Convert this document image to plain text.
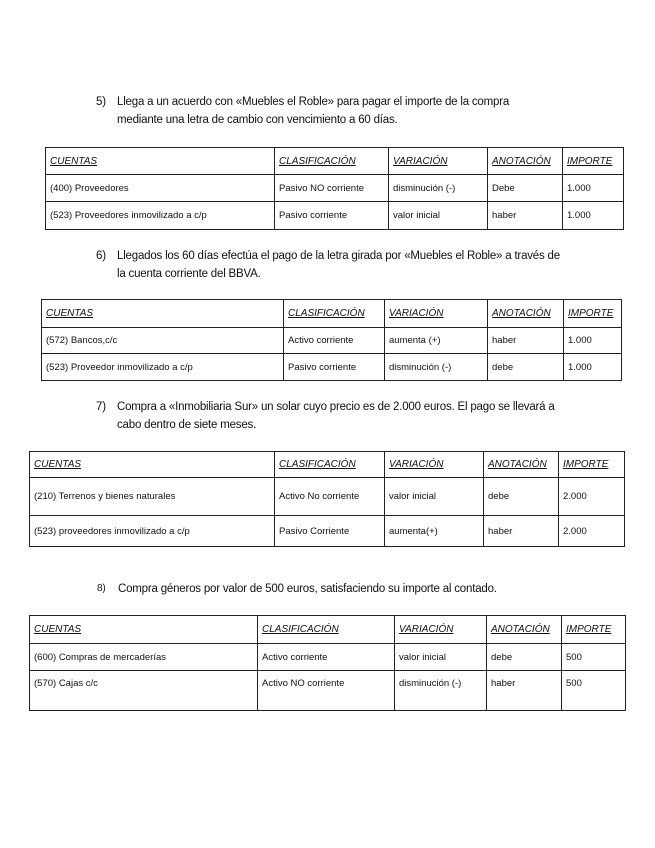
5) Llega a un acuerdo con «Muebles el Roble» para pagar el importe de la compra
mediante una letra de cambio con vencimiento a 60 días.
CUENTAS	CLASIFICACIÓN	VARIACIÓN	ANOTACIÓN	IMPORTE
(400) Proveedores	Pasivo NO corriente	disminución (-)	Debe	1.000
(523) Proveedores inmovilizado a c/p	Pasivo corriente	valor inicial	haber	1.000
6) Llegados los 60 días efectúa el pago de la letra girada por «Muebles el Roble» a través de
la cuenta corriente del BBVA.
CUENTAS	CLASIFICACIÓN	VARIACIÓN	ANOTACIÓN	IMPORTE
(572) Bancos,c/c	Activo corriente	aumenta (+)	haber	1.000
(523) Proveedor inmovilizado a c/p	Pasivo corriente	disminución (-)	debe	1.000
7) Compra a «Inmobiliaria Sur» un solar cuyo precio es de 2.000 euros. El pago se llevará a
cabo dentro de siete meses.
CUENTAS	CLASIFICACIÓN	VARIACIÓN	ANOTACIÓN	IMPORTE
(210) Terrenos y bienes naturales	Activo No corriente	valor inicial	debe	2.000
(523) proveedores inmovilizado a c/p	Pasivo Corriente	aumenta(+)	haber	2.000
8) Compra géneros por valor de 500 euros, satisfaciendo su importe al contado.
CUENTAS	CLASIFICACIÓN	VARIACIÓN	ANOTACIÓN	IMPORTE
(600) Compras de mercaderías	Activo corriente	valor inicial	debe	500
(570) Cajas c/c	Activo NO corriente	disminución (-)	haber	500
